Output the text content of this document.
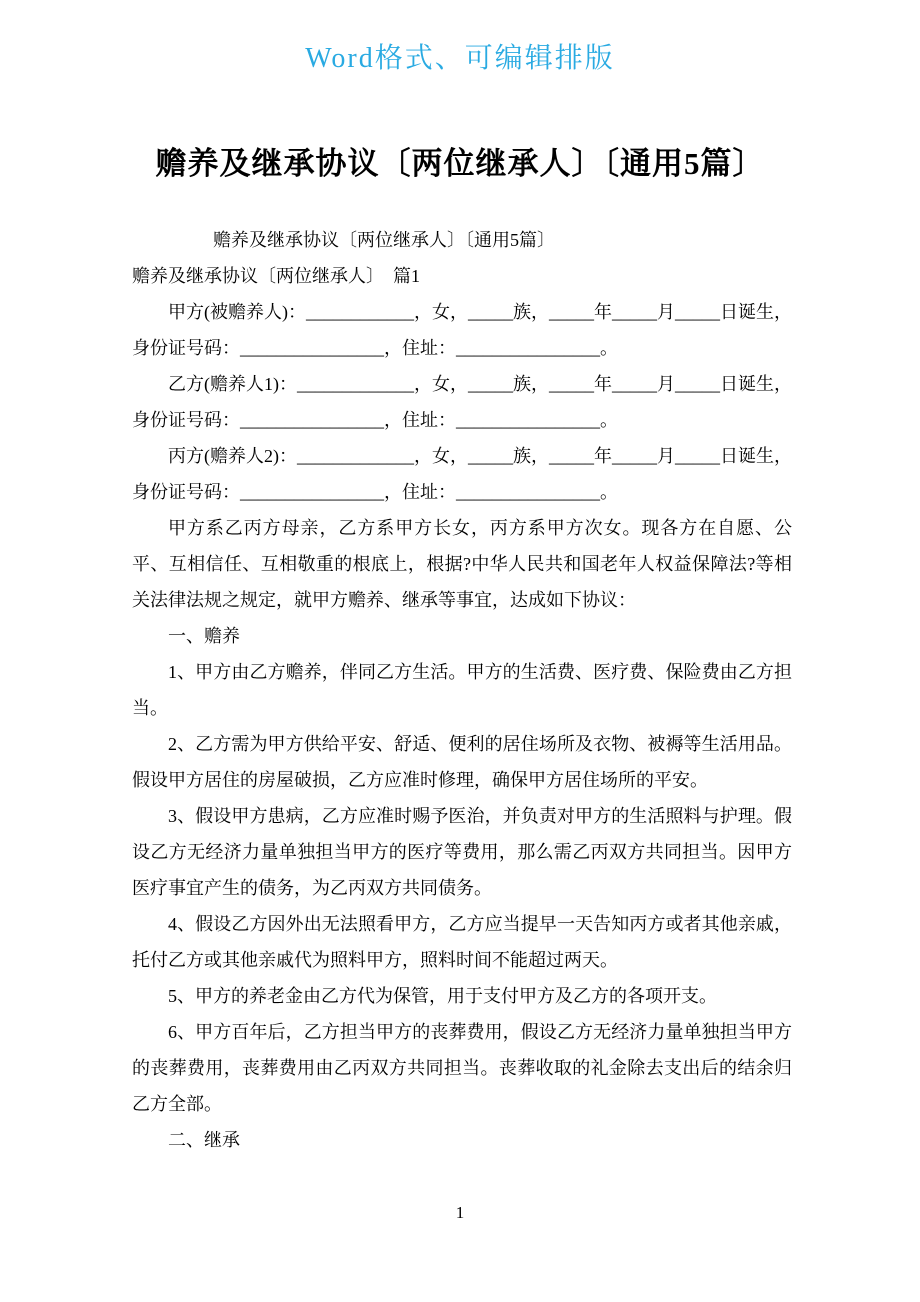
Word格式、可编辑排版
赡养及继承协议〔两位继承人〕〔通用5篇〕

赡养及继承协议〔两位继承人〕〔通用5篇〕

赡养及继承协议〔两位继承人〕　篇1

甲方(被赡养人)：____________，女，_____族，_____年_____月_____日诞生，身份证号码：________________，住址：________________。

乙方(赡养人1)：_____________，女，_____族，_____年_____月_____日诞生，身份证号码：________________，住址：________________。

丙方(赡养人2)：_____________，女，_____族，_____年_____月_____日诞生，身份证号码：________________，住址：________________。

甲方系乙丙方母亲，乙方系甲方长女，丙方系甲方次女。现各方在自愿、公平、互相信任、互相敬重的根底上，根据?中华人民共和国老年人权益保障法?等相关法律法规之规定，就甲方赡养、继承等事宜，达成如下协议：

一、赡养

1、甲方由乙方赡养，伴同乙方生活。甲方的生活费、医疗费、保险费由乙方担当。

2、乙方需为甲方供给平安、舒适、便利的居住场所及衣物、被褥等生活用品。假设甲方居住的房屋破损，乙方应准时修理，确保甲方居住场所的平安。

3、假设甲方患病，乙方应准时赐予医治，并负责对甲方的生活照料与护理。假设乙方无经济力量单独担当甲方的医疗等费用，那么需乙丙双方共同担当。因甲方医疗事宜产生的债务，为乙丙双方共同债务。

4、假设乙方因外出无法照看甲方，乙方应当提早一天告知丙方或者其他亲戚，托付乙方或其他亲戚代为照料甲方，照料时间不能超过两天。

5、甲方的养老金由乙方代为保管，用于支付甲方及乙方的各项开支。

6、甲方百年后，乙方担当甲方的丧葬费用，假设乙方无经济力量单独担当甲方的丧葬费用，丧葬费用由乙丙双方共同担当。丧葬收取的礼金除去支出后的结余归乙方全部。

二、继承

1
